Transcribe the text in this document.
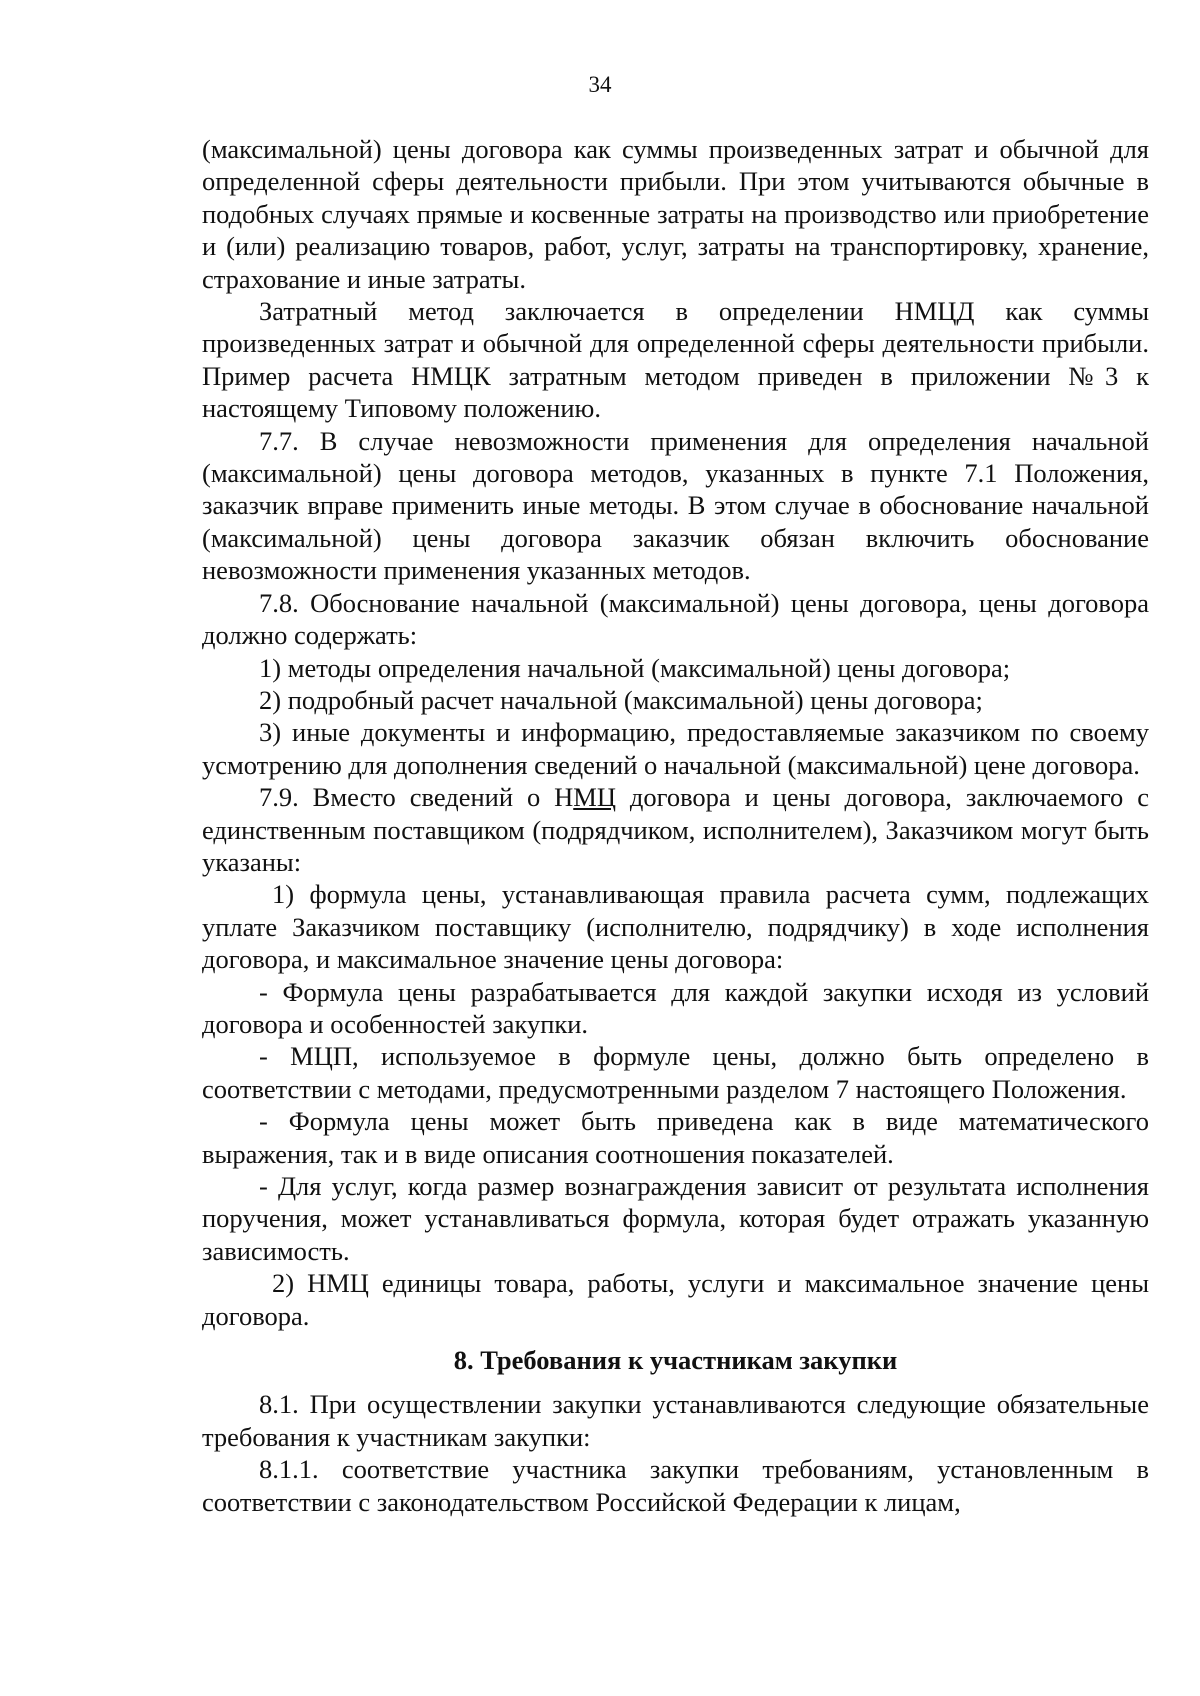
34

(максимальной) цены договора как суммы произведенных затрат и обычной для определенной сферы деятельности прибыли. При этом учитываются обычные в подобных случаях прямые и косвенные затраты на производство или приобретение и (или) реализацию товаров, работ, услуг, затраты на транспортировку, хранение, страхование и иные затраты.

Затратный метод заключается в определении НМЦД как суммы произведенных затрат и обычной для определенной сферы деятельности прибыли. Пример расчета НМЦК затратным методом приведен в приложении №3 к настоящему Типовому положению.

7.7. В случае невозможности применения для определения начальной (максимальной) цены договора методов, указанных в пункте 7.1 Положения, заказчик вправе применить иные методы. В этом случае в обоснование начальной (максимальной) цены договора заказчик обязан включить обоснование невозможности применения указанных методов.

7.8. Обоснование начальной (максимальной) цены договора, цены договора должно содержать:

1) методы определения начальной (максимальной) цены договора;

2) подробный расчет начальной (максимальной) цены договора;

3) иные документы и информацию, предоставляемые заказчиком по своему усмотрению для дополнения сведений о начальной (максимальной) цене договора.

7.9. Вместо сведений о НМЦ договора и цены договора, заключаемого с единственным поставщиком (подрядчиком, исполнителем), Заказчиком могут быть указаны:

1) формула цены, устанавливающая правила расчета сумм, подлежащих уплате Заказчиком поставщику (исполнителю, подрядчику) в ходе исполнения договора, и максимальное значение цены договора:

- Формула цены разрабатывается для каждой закупки исходя из условий договора и особенностей закупки.

- МЦП, используемое в формуле цены, должно быть определено в соответствии с методами, предусмотренными разделом 7 настоящего Положения.

- Формула цены может быть приведена как в виде математического выражения, так и в виде описания соотношения показателей.

- Для услуг, когда размер вознаграждения зависит от результата исполнения поручения, может устанавливаться формула, которая будет отражать указанную зависимость.

2) НМЦ единицы товара, работы, услуги и максимальное значение цены договора.

8. Требования к участникам закупки

8.1. При осуществлении закупки устанавливаются следующие обязательные требования к участникам закупки:

8.1.1. соответствие участника закупки требованиям, установленным в соответствии с законодательством Российской Федерации к лицам,
